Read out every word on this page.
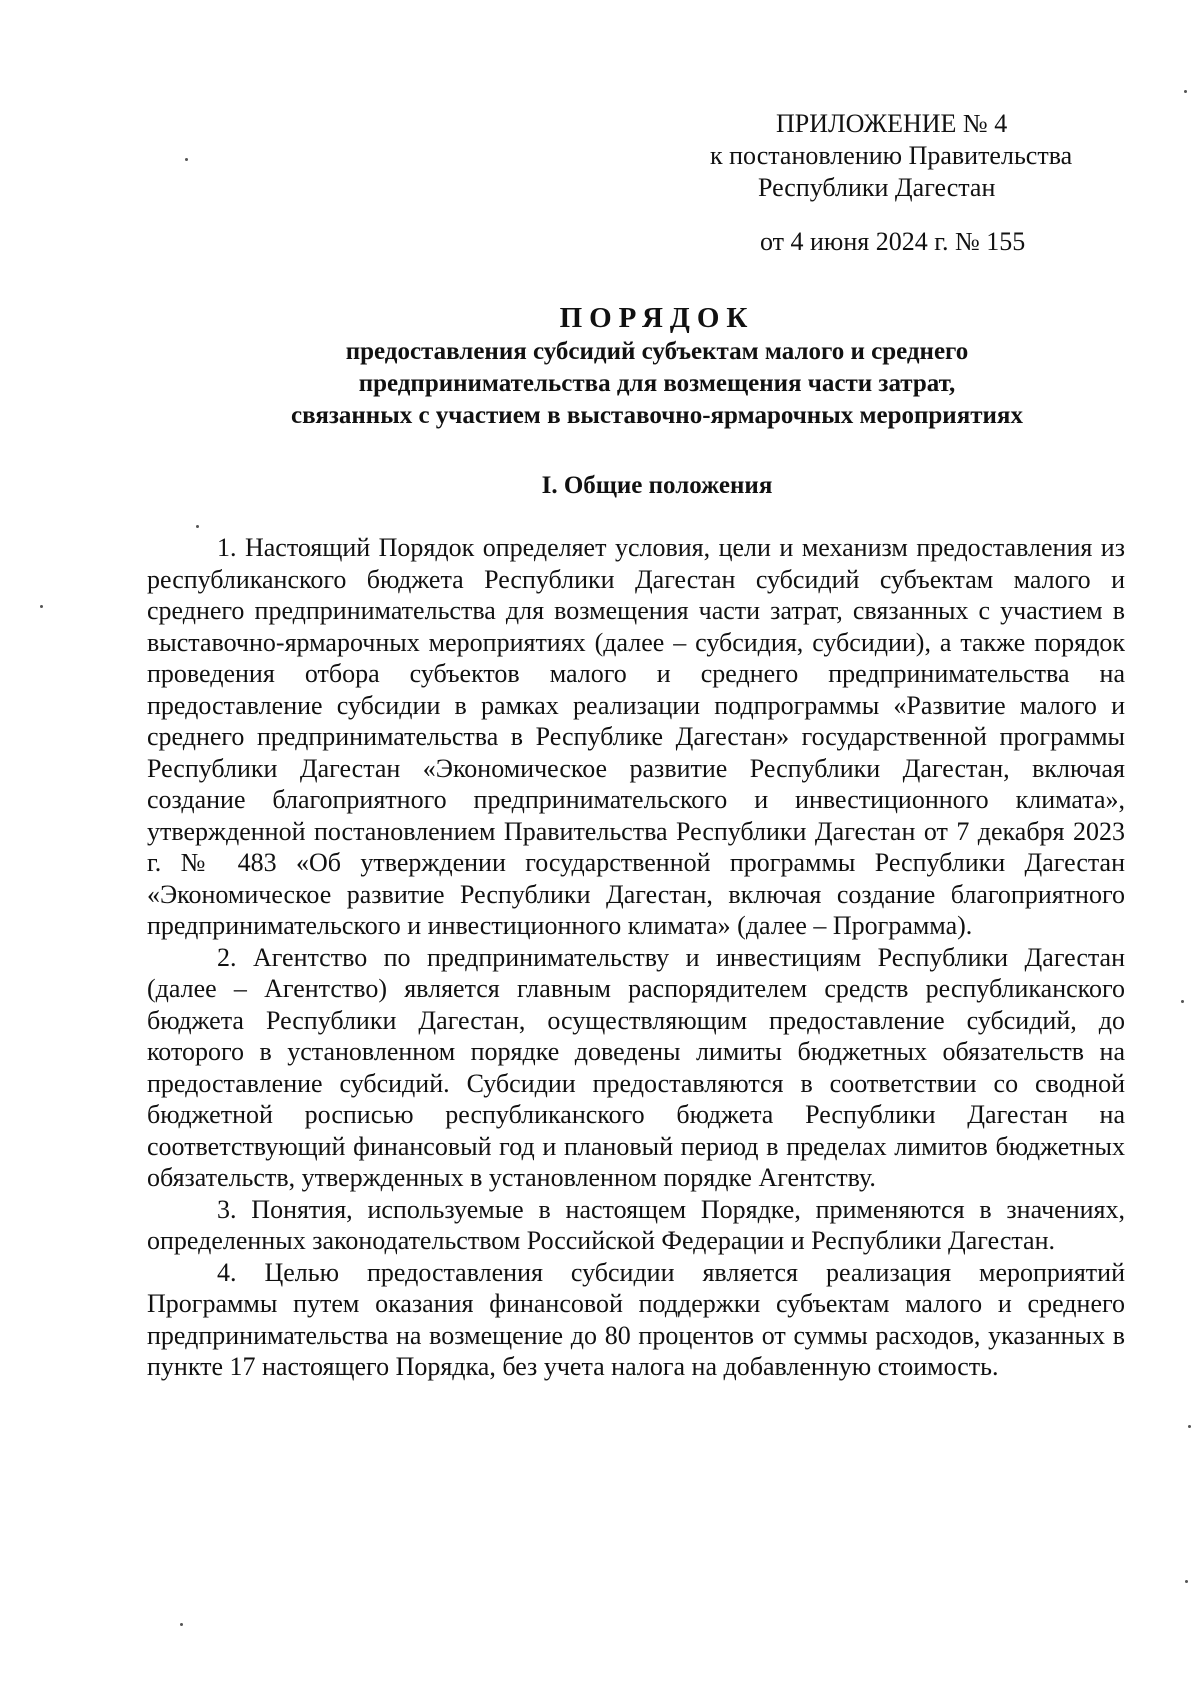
ПРИЛОЖЕНИЕ № 4
к постановлению Правительства
Республики Дагестан
от 4 июня 2024 г. № 155
ПОРЯДОК
предоставления субсидий субъектам малого и среднего
предпринимательства для возмещения части затрат,
связанных с участием в выставочно-ярмарочных мероприятиях
I. Общие положения

1. Настоящий Порядок определяет условия, цели и механизм предоставления из республиканского бюджета Республики Дагестан субсидий субъектам малого и среднего предпринимательства для возмещения части затрат, связанных с участием в выставочно-ярмарочных мероприятиях (далее – субсидия, субсидии), а также порядок проведения отбора субъектов малого и среднего предпринимательства на предоставление субсидии в рамках реализации подпрограммы «Развитие малого и среднего предпринимательства в Республике Дагестан» государственной программы Республики Дагестан «Экономическое развитие Республики Дагестан, включая создание благоприятного предпринимательского и инвестиционного климата», утвержденной постановлением Правительства Республики Дагестан от 7 декабря 2023 г. № 483 «Об утверждении государственной программы Республики Дагестан «Экономическое развитие Республики Дагестан, включая создание благоприятного предпринимательского и инвестиционного климата» (далее – Программа).

2. Агентство по предпринимательству и инвестициям Республики Дагестан (далее – Агентство) является главным распорядителем средств республиканского бюджета Республики Дагестан, осуществляющим предоставление субсидий, до которого в установленном порядке доведены лимиты бюджетных обязательств на предоставление субсидий. Субсидии предоставляются в соответствии со сводной бюджетной росписью республиканского бюджета Республики Дагестан на соответствующий финансовый год и плановый период в пределах лимитов бюджетных обязательств, утвержденных в установленном порядке Агентству.

3. Понятия, используемые в настоящем Порядке, применяются в значениях, определенных законодательством Российской Федерации и Республики Дагестан.

4. Целью предоставления субсидии является реализация мероприятий Программы путем оказания финансовой поддержки субъектам малого и среднего предпринимательства на возмещение до 80 процентов от суммы расходов, указанных в пункте 17 настоящего Порядка, без учета налога на добавленную стоимость.
